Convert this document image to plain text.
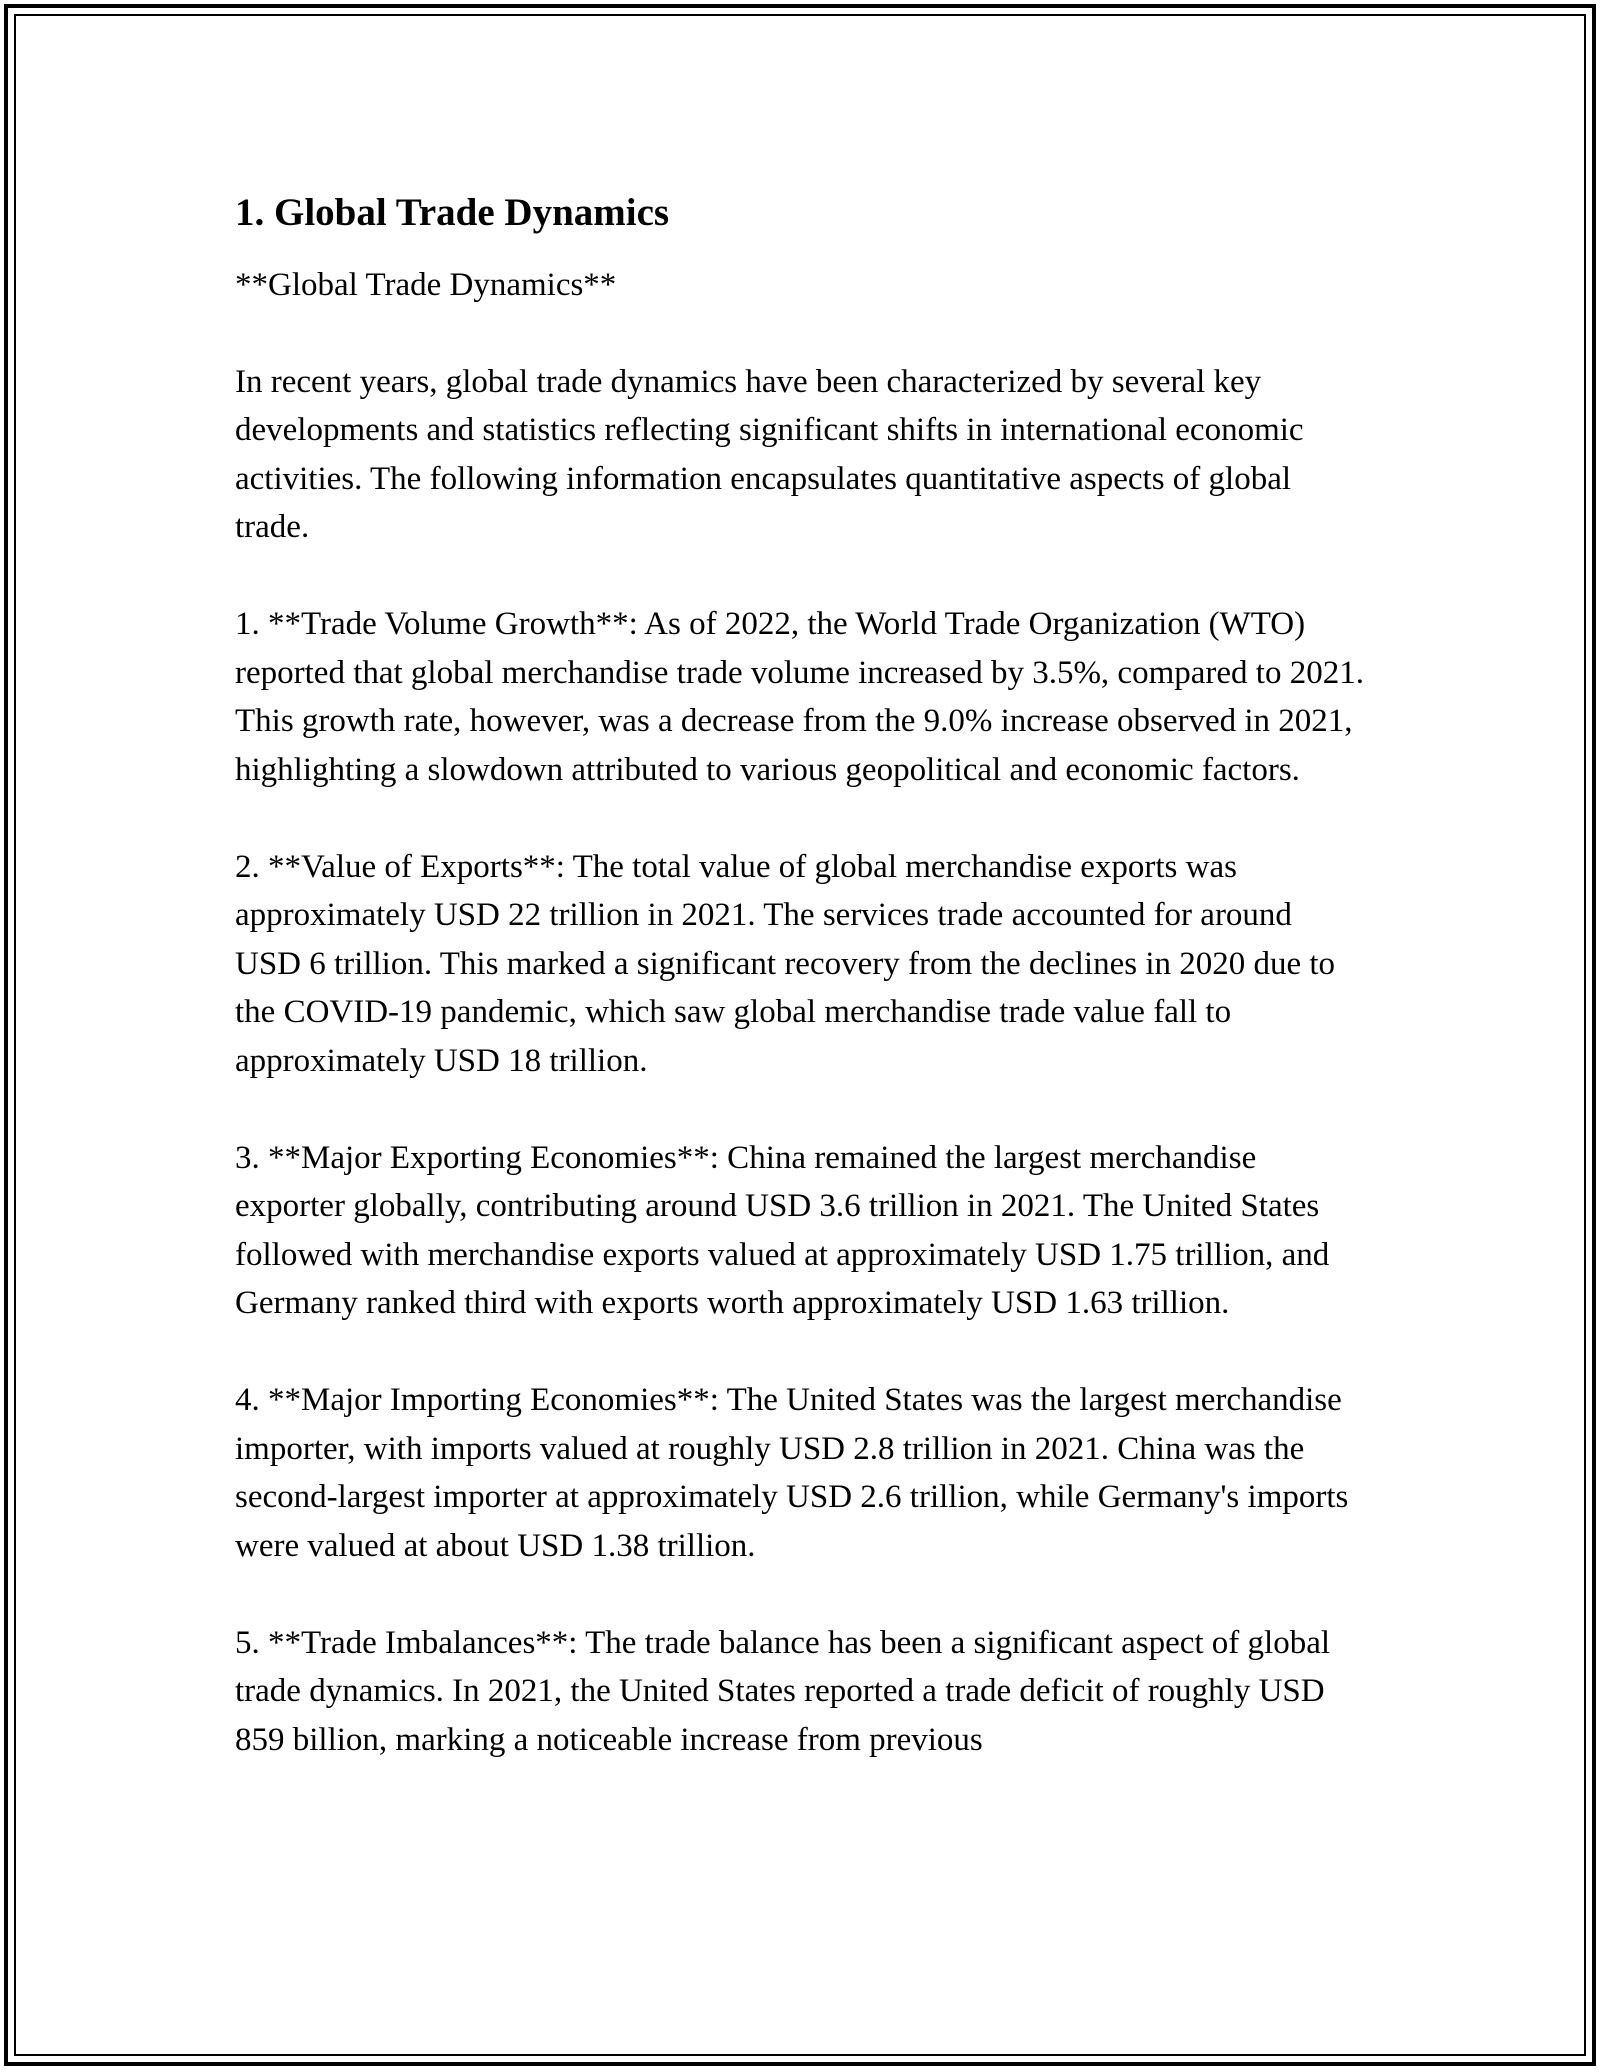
1. Global Trade Dynamics

**Global Trade Dynamics**

In recent years, global trade dynamics have been characterized by several key developments and statistics reflecting significant shifts in international economic activities. The following information encapsulates quantitative aspects of global trade.

1. **Trade Volume Growth**: As of 2022, the World Trade Organization (WTO) reported that global merchandise trade volume increased by 3.5%, compared to 2021. This growth rate, however, was a decrease from the 9.0% increase observed in 2021, highlighting a slowdown attributed to various geopolitical and economic factors.

2. **Value of Exports**: The total value of global merchandise exports was approximately USD 22 trillion in 2021. The services trade accounted for around USD 6 trillion. This marked a significant recovery from the declines in 2020 due to the COVID-19 pandemic, which saw global merchandise trade value fall to approximately USD 18 trillion.

3. **Major Exporting Economies**: China remained the largest merchandise exporter globally, contributing around USD 3.6 trillion in 2021. The United States followed with merchandise exports valued at approximately USD 1.75 trillion, and Germany ranked third with exports worth approximately USD 1.63 trillion.

4. **Major Importing Economies**: The United States was the largest merchandise importer, with imports valued at roughly USD 2.8 trillion in 2021. China was the second-largest importer at approximately USD 2.6 trillion, while Germany's imports were valued at about USD 1.38 trillion.

5. **Trade Imbalances**: The trade balance has been a significant aspect of global trade dynamics. In 2021, the United States reported a trade deficit of roughly USD 859 billion, marking a noticeable increase from previous
